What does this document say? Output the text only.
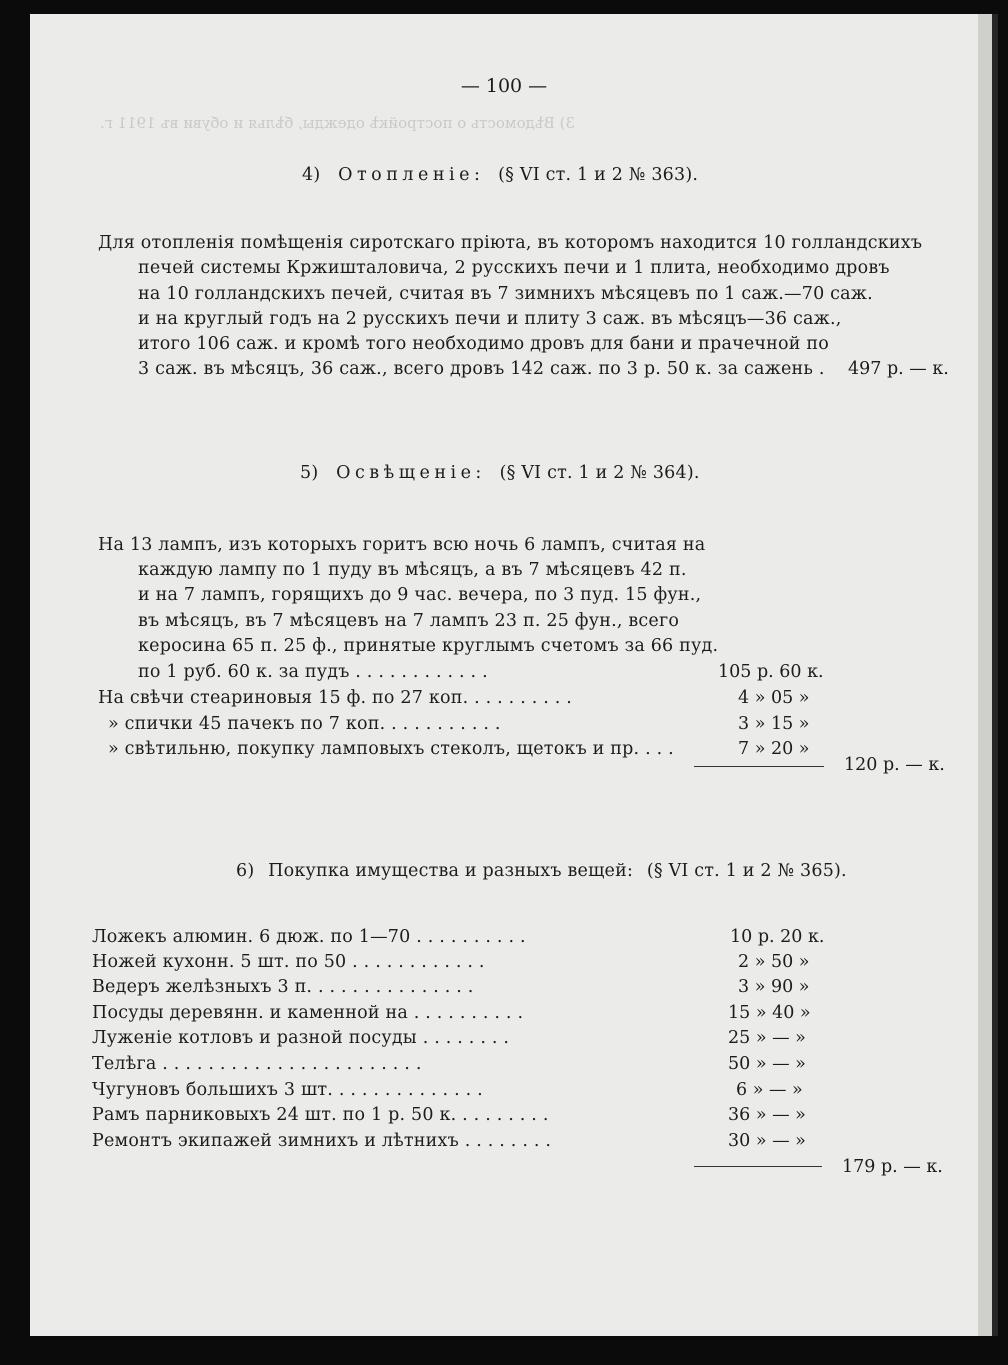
3) Вѣдомость о постройкѣ одежды, бѣлья и обуви въ 1911 г.
— 100 —
4) Отопленіе: (§ VI ст. 1 и 2 № 363).
Для отопленія помѣщенія сиротскаго пріюта, въ которомъ находится 10 голландскихъ
печей системы Кржишталовича, 2 русскихъ печи и 1 плита, необходимо дровъ
на 10 голландскихъ печей, считая въ 7 зимнихъ мѣсяцевъ по 1 саж.—70 саж.
и на круглый годъ на 2 русскихъ печи и плиту 3 саж. въ мѣсяцъ—36 саж.,
итого 106 саж. и кромѣ того необходимо дровъ для бани и прачечной по
3 саж. въ мѣсяцъ, 36 саж., всего дровъ 142 саж. по 3 р. 50 к. за сажень . 497 р. — к.
5) Освѣщеніе: (§ VI ст. 1 и 2 № 364).
На 13 лампъ, изъ которыхъ горитъ всю ночь 6 лампъ, считая на
каждую лампу по 1 пуду въ мѣсяцъ, а въ 7 мѣсяцевъ 42 п.
и на 7 лампъ, горящихъ до 9 час. вечера, по 3 пуд. 15 фун.,
въ мѣсяцъ, въ 7 мѣсяцевъ на 7 лампъ 23 п. 25 фун., всего
керосина 65 п. 25 ф., принятые круглымъ счетомъ за 66 пуд.
по 1 руб. 60 к. за пудъ . . . . . . . . . . . .	105 р. 60 к.
На свѣчи стеариновыя 15 ф. по 27 коп. . . . . . . . . .	4 » 05 »
» спички 45 пачекъ по 7 коп. . . . . . . . . . .	3 » 15 »
» свѣтильню, покупку ламповыхъ стеколъ, щетокъ и пр. . . .	7 » 20 »
120 р. — к.
6) Покупка имущества и разныхъ вещей: (§ VI ст. 1 и 2 № 365).
Ложекъ алюмин. 6 дюж. по 1—70 . . . . . . . . . .	10 р. 20 к.
Ножей кухонн. 5 шт. по 50 . . . . . . . . . . . .	2 » 50 »
Ведеръ желѣзныхъ 3 п. . . . . . . . . . . . . . .	3 » 90 »
Посуды деревянн. и каменной на . . . . . . . . . .	15 » 40 »
Луженіе котловъ и разной посуды . . . . . . . .	25 » — »
Телѣга . . . . . . . . . . . . . . . . . . . . . . .	50 » — »
Чугуновъ большихъ 3 шт. . . . . . . . . . . . . .	6 » — »
Рамъ парниковыхъ 24 шт. по 1 р. 50 к. . . . . . . . .	36 » — »
Ремонтъ экипажей зимнихъ и лѣтнихъ . . . . . . . .	30 » — »
179 р. — к.
